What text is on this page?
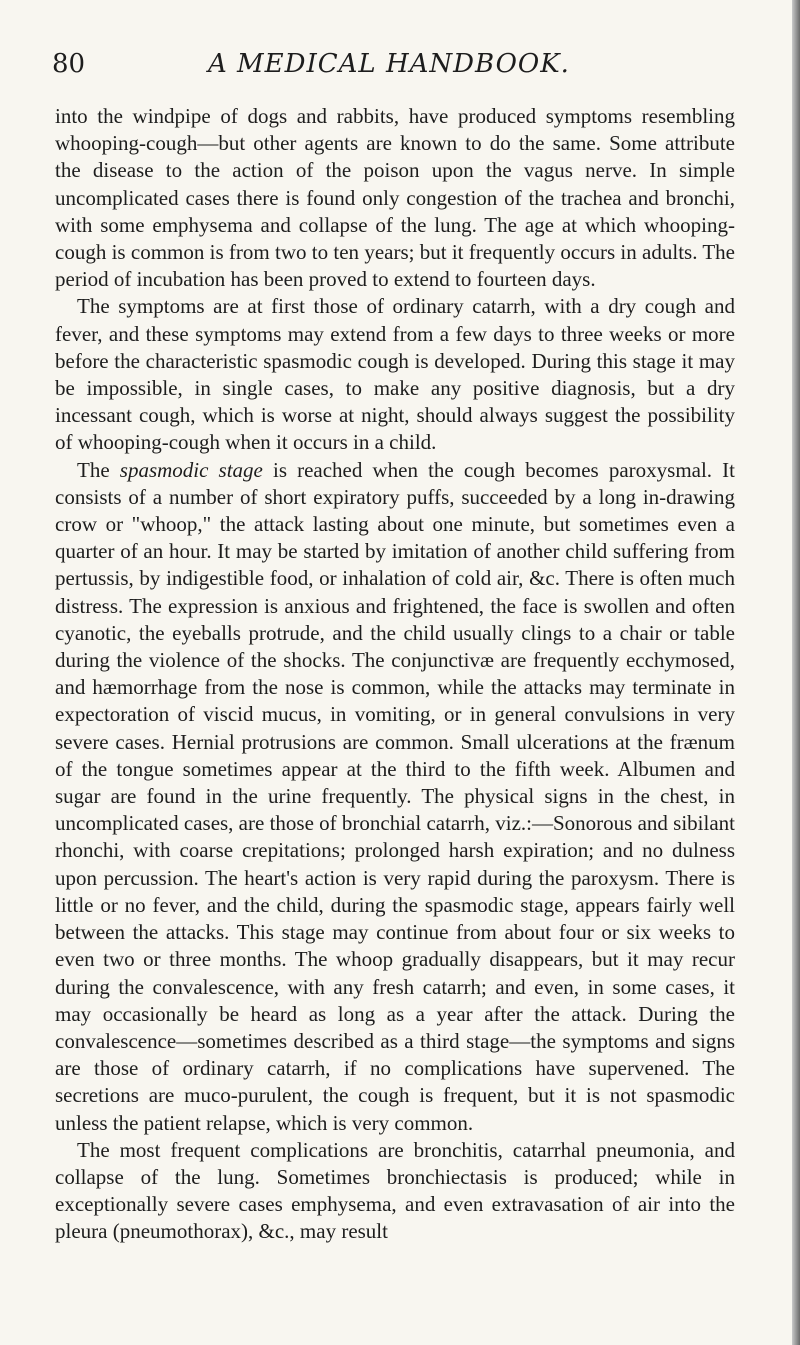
80	A MEDICAL HANDBOOK.

into the windpipe of dogs and rabbits, have produced symptoms resembling whooping-cough—but other agents are known to do the same. Some attribute the disease to the action of the poison upon the vagus nerve. In simple uncomplicated cases there is found only congestion of the trachea and bronchi, with some emphysema and collapse of the lung. The age at which whooping-cough is common is from two to ten years; but it frequently occurs in adults. The period of incubation has been proved to extend to fourteen days.

The symptoms are at first those of ordinary catarrh, with a dry cough and fever, and these symptoms may extend from a few days to three weeks or more before the characteristic spasmodic cough is developed. During this stage it may be impossible, in single cases, to make any positive diagnosis, but a dry incessant cough, which is worse at night, should always suggest the possibility of whooping-cough when it occurs in a child.

The spasmodic stage is reached when the cough becomes paroxysmal. It consists of a number of short expiratory puffs, succeeded by a long in-drawing crow or "whoop," the attack lasting about one minute, but sometimes even a quarter of an hour. It may be started by imitation of another child suffering from pertussis, by indigestible food, or inhalation of cold air, &c. There is often much distress. The expression is anxious and frightened, the face is swollen and often cyanotic, the eyeballs protrude, and the child usually clings to a chair or table during the violence of the shocks. The conjunctivæ are frequently ecchymosed, and hæmorrhage from the nose is common, while the attacks may terminate in expectoration of viscid mucus, in vomiting, or in general convulsions in very severe cases. Hernial protrusions are common. Small ulcerations at the frænum of the tongue sometimes appear at the third to the fifth week. Albumen and sugar are found in the urine frequently. The physical signs in the chest, in uncomplicated cases, are those of bronchial catarrh, viz.:—Sonorous and sibilant rhonchi, with coarse crepitations; prolonged harsh expiration; and no dulness upon percussion. The heart's action is very rapid during the paroxysm. There is little or no fever, and the child, during the spasmodic stage, appears fairly well between the attacks. This stage may continue from about four or six weeks to even two or three months. The whoop gradually disappears, but it may recur during the convalescence, with any fresh catarrh; and even, in some cases, it may occasionally be heard as long as a year after the attack. During the convalescence—sometimes described as a third stage—the symptoms and signs are those of ordinary catarrh, if no complications have supervened. The secretions are muco-purulent, the cough is frequent, but it is not spasmodic unless the patient relapse, which is very common.

The most frequent complications are bronchitis, catarrhal pneumonia, and collapse of the lung. Sometimes bronchiectasis is produced; while in exceptionally severe cases emphysema, and even extravasation of air into the pleura (pneumothorax), &c., may result
